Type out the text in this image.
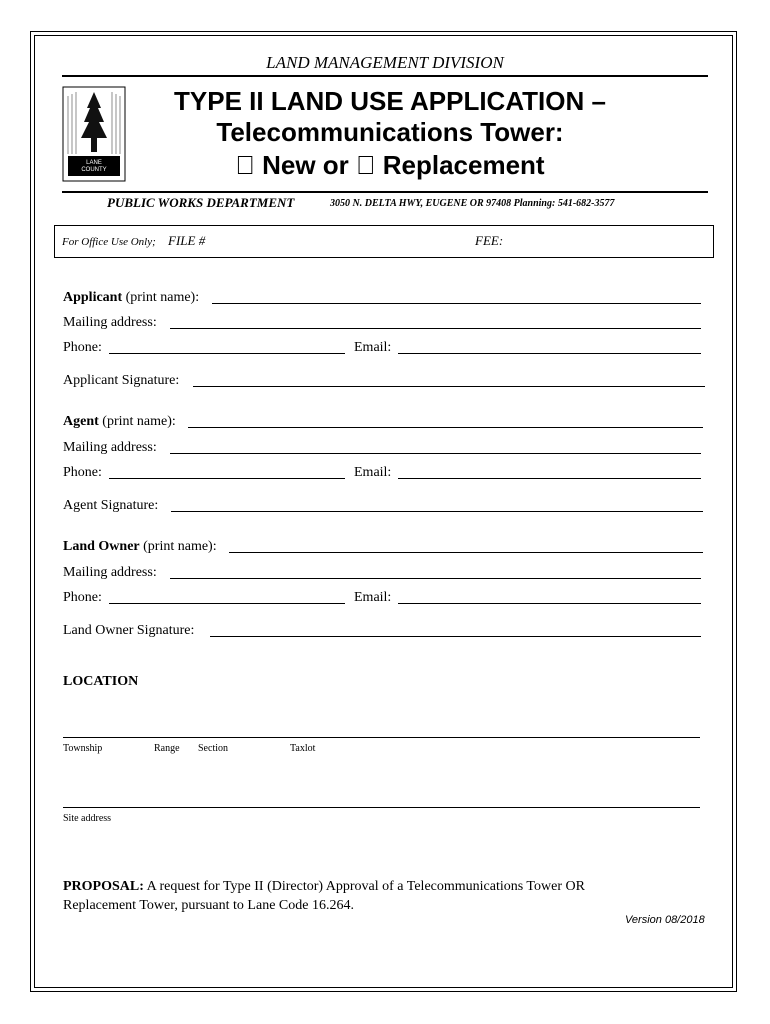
LAND MANAGEMENT DIVISION
LANE
COUNTY
TYPE II LAND USE APPLICATION –
Telecommunications Tower:
New or Replacement
PUBLIC WORKS DEPARTMENT	3050 N. DELTA HWY, EUGENE OR 97408 Planning: 541-682-3577
For Office Use Only; FILE #	FEE:
Applicant (print name):
Mailing address:
Phone:	Email:
Applicant Signature:
Agent (print name):
Mailing address:
Phone:	Email:
Agent Signature:
Land Owner (print name):
Mailing address:
Phone:	Email:
Land Owner Signature:
LOCATION
Township	Range Section	Taxlot
Site address
PROPOSAL: A request for Type II (Director) Approval of a Telecommunications Tower OR
Replacement Tower, pursuant to Lane Code 16.264.
Version 08/2018
